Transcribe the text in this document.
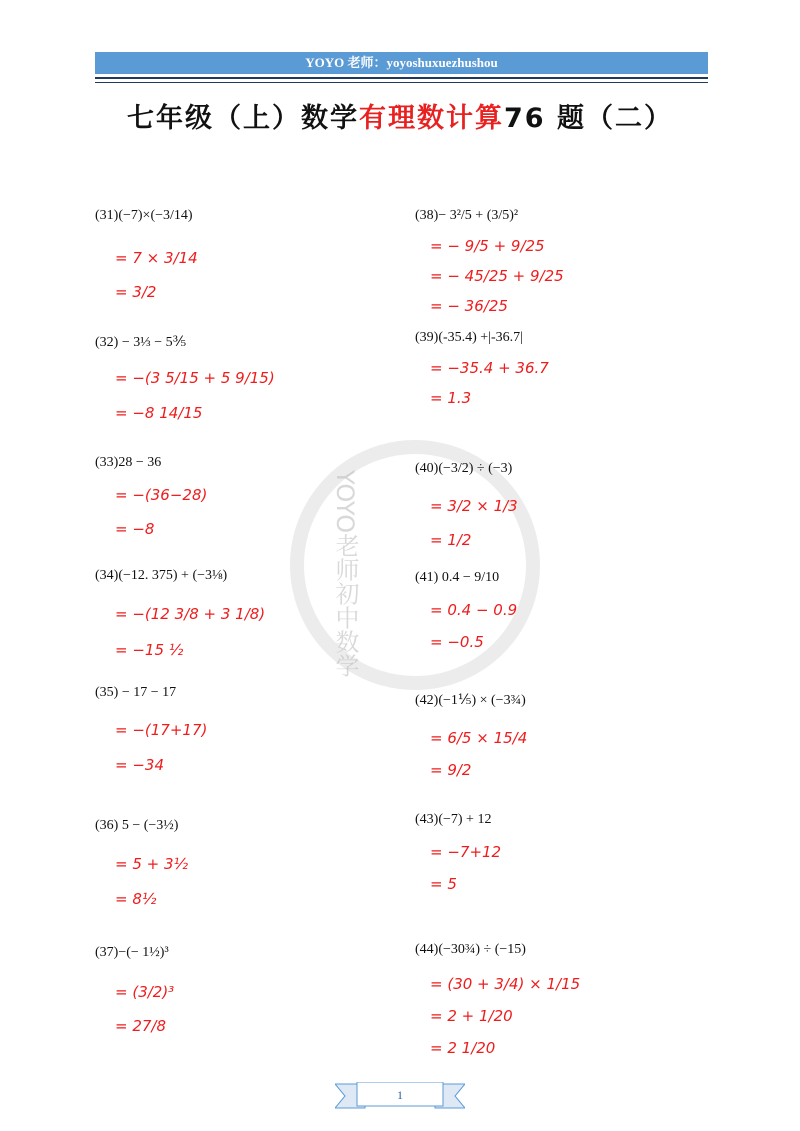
YOYO 老师：yoyoshuxuezhushou
七年级（上）数学有理数计算76 题（二）
YOYO老师初中数学
(31)(−7)×(−3/14)
= 7 × 3/14
= 3/2
(32) − 3⅓ − 5⅗
= −(3 5/15 + 5 9/15)
= −8 14/15
(33)28 − 36
= −(36−28)
= −8
(34)(−12. 375) + (−3⅛)
= −(12 3/8 + 3 1/8)
= −15 ½
(35) − 17 − 17
= −(17+17)
= −34
(36) 5 − (−3½)
= 5 + 3½
= 8½
(37)−(− 1½)³
= (3/2)³
= 27/8
(38)− 3²/5 + (3/5)²
= − 9/5 + 9/25
= − 45/25 + 9/25
= − 36/25
(39)(-35.4) +|-36.7|
= −35.4 + 36.7
= 1.3
(40)(−3/2) ÷ (−3)
= 3/2 × 1/3
= 1/2
(41) 0.4 − 9/10
= 0.4 − 0.9
= −0.5
(42)(−1⅕) × (−3¾)
= 6/5 × 15/4
= 9/2
(43)(−7) + 12
= −7+12
= 5
(44)(−30¾) ÷ (−15)
= (30 + 3/4) × 1/15
= 2 + 1/20
= 2 1/20
1
